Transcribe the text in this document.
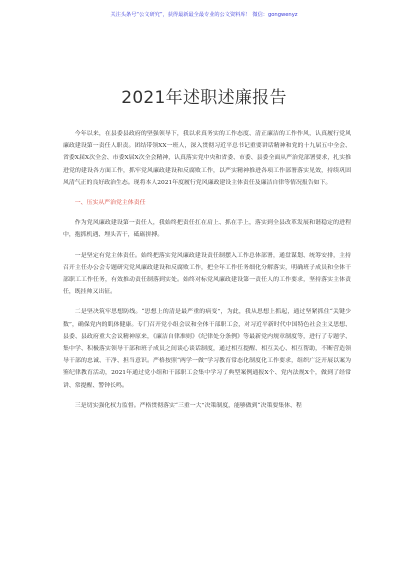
关注头条号“公文研究”，获得最新最全最专业的公文资料库！ 微信：gongwenyz
2021年述职述廉报告

今年以来，在县委县政府的坚强领导下，我以求真务实的工作态度、清正廉洁的工作作风，认真履行党风廉政建设第一责任人职责。团结带领XX一班人，深入贯彻习近平总书记重要讲话精神和党的十九届五中全会、省委X届X次全会、市委X届X次全会精神，认真落实党中央和省委、市委、县委全面从严治党部署要求，扎实推进党的建设各方面工作，抓牢党风廉政建设和反腐败工作，以严实精神推进各项工作部署落实见效，持续巩固风清气正的良好政治生态。现将本人2021年度履行党风廉政建设主体责任及廉洁自律等情况报告如下。

一、压实从严治党主体责任

作为党风廉政建设第一责任人，我始终把责任扛在肩上、抓在手上，落实到全县改革发展和谐稳定的进程中，抱抓机遇、埋头苦干，砥砺拼搏。

一是坚定有党主体责任。始终把落实党风廉政建设责任制摆入工作总体部署，通盘谋划、统筹安排，主持召开主任办公会专题研究党风廉政建设和反腐败工作，把全年工作任务细化分解落实，明确班子成员和全体干部职工工作任务，有效推动责任制落到实处。始终对标党风廉政建设第一责任人的工作要求，坚持落实主体责任，既挂帅又出征。

二是坚决筑牢思想防线。“思想上的清是最严重的病变”，为此，我从思想上抓起，通过坚紧抓住“关键少数”，确保党内的肌体健康。专门召开党小组会议和全体干部职工会，对习近平新时代中国特色社会主义思想、县委、县政府重大会议精神原来，《廉洁自律准则》《纪律处分条例》等最新党内规章制度等，进行了专题学、集中学、积极落实领导干部和班子成员之间谈心谈话制度，通过相互提醒、相互关心、相互帮助，不断营造领导干部的忠诚、干净、担当意识。严格按照“两学一做”学习教育常态化制度化工作要求，组织广泛开展以案为鉴纪律教育活动，2021年通过党小组和干部职工会集中学习了典型案例通报X个、党内法规X个，做到了经常讲、常提醒、警钟长鸣。

三是切实强化权力监督。严格贯彻落实“三重一大”决策制度，能够做到“决策要集体、程
